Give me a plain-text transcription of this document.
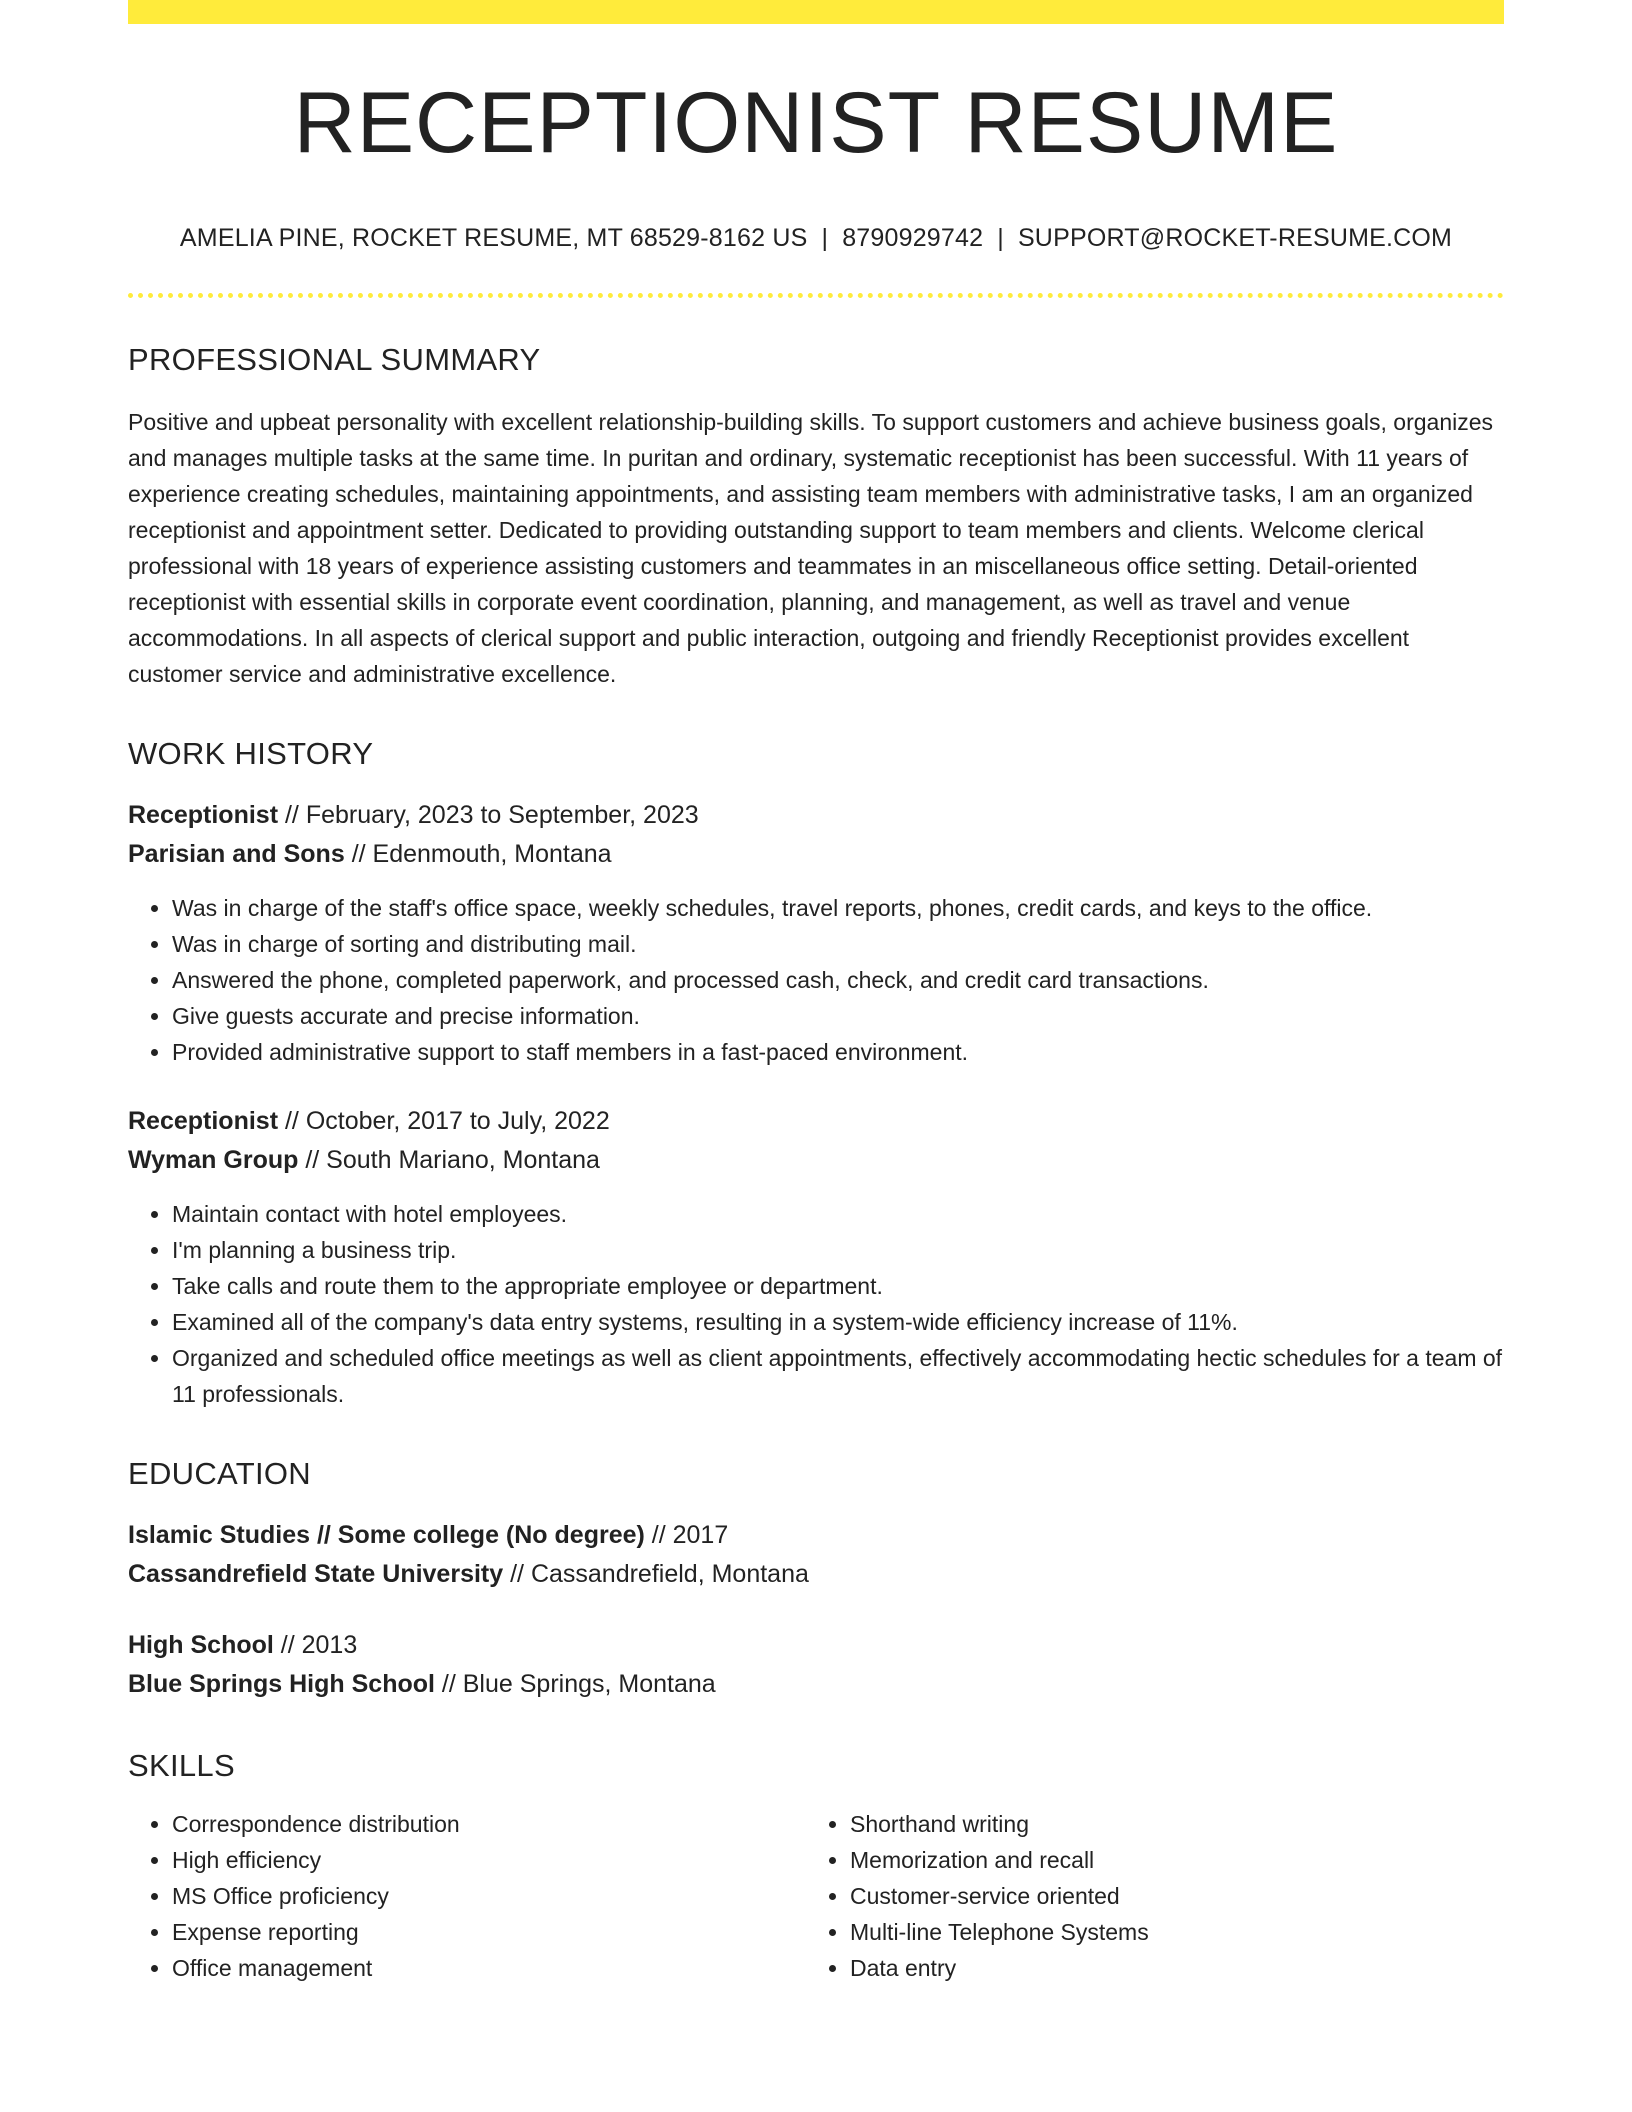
RECEPTIONIST RESUME
AMELIA PINE, ROCKET RESUME, MT 68529-8162 US | 8790929742 | SUPPORT@ROCKET-RESUME.COM
PROFESSIONAL SUMMARY

Positive and upbeat personality with excellent relationship-building skills. To support customers and achieve business goals, organizes and manages multiple tasks at the same time. In puritan and ordinary, systematic receptionist has been successful. With 11 years of experience creating schedules, maintaining appointments, and assisting team members with administrative tasks, I am an organized receptionist and appointment setter. Dedicated to providing outstanding support to team members and clients. Welcome clerical professional with 18 years of experience assisting customers and teammates in an miscellaneous office setting. Detail-oriented receptionist with essential skills in corporate event coordination, planning, and management, as well as travel and venue accommodations. In all aspects of clerical support and public interaction, outgoing and friendly Receptionist provides excellent customer service and administrative excellence.

WORK HISTORY
Receptionist // February, 2023 to September, 2023
Parisian and Sons // Edenmouth, Montana
• Was in charge of the staff's office space, weekly schedules, travel reports, phones, credit cards, and keys to the office.
• Was in charge of sorting and distributing mail.
• Answered the phone, completed paperwork, and processed cash, check, and credit card transactions.
• Give guests accurate and precise information.
• Provided administrative support to staff members in a fast-paced environment.
Receptionist // October, 2017 to July, 2022
Wyman Group // South Mariano, Montana
• Maintain contact with hotel employees.
• I'm planning a business trip.
• Take calls and route them to the appropriate employee or department.
• Examined all of the company's data entry systems, resulting in a system-wide efficiency increase of 11%.
• Organized and scheduled office meetings as well as client appointments, effectively accommodating hectic schedules for a team of 11 professionals.
EDUCATION
Islamic Studies // Some college (No degree) // 2017
Cassandrefield State University // Cassandrefield, Montana
High School // 2013
Blue Springs High School // Blue Springs, Montana
SKILLS
• Correspondence distribution
• High efficiency
• MS Office proficiency
• Expense reporting
• Office management
• Shorthand writing
• Memorization and recall
• Customer-service oriented
• Multi-line Telephone Systems
• Data entry
